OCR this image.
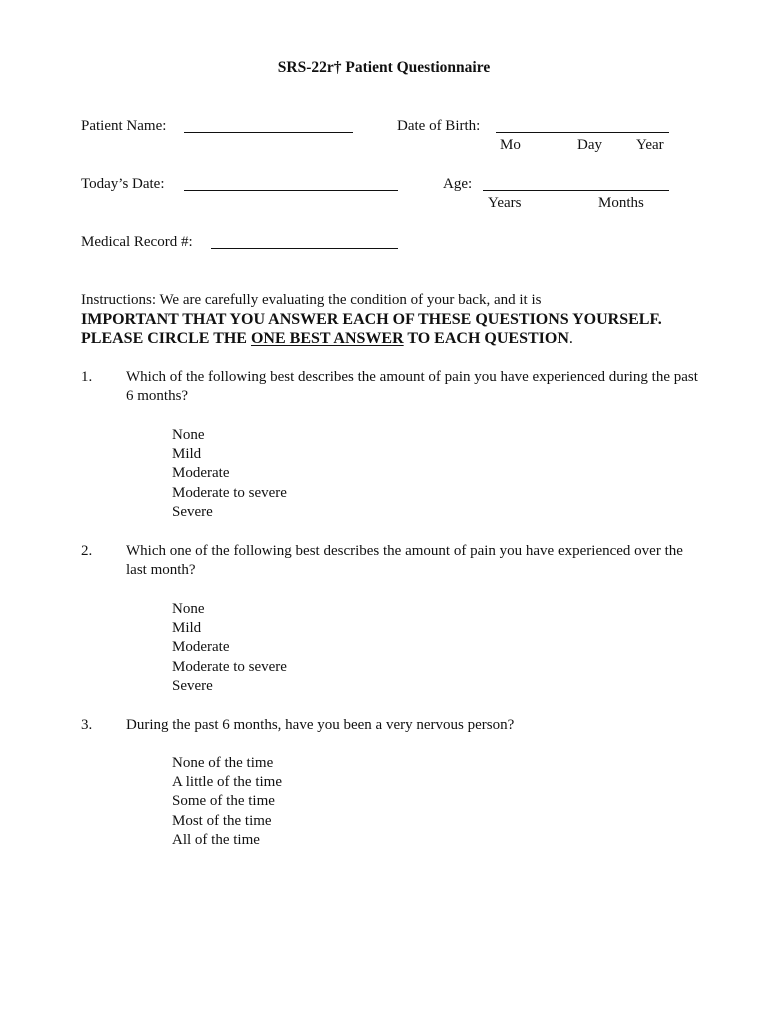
SRS-22r† Patient Questionnaire
Patient Name:	Date of Birth:
Mo	Day Year
Today’s Date:	Age:
Years	Months
Medical Record #:
Instructions: We are carefully evaluating the condition of your back, and it is
IMPORTANT THAT YOU ANSWER EACH OF THESE QUESTIONS YOURSELF.
PLEASE CIRCLE THE ONE BEST ANSWER TO EACH QUESTION.
1. Which of the following best describes the amount of pain you have experienced during the past 6 months?
None
Mild
Moderate
Moderate to severe
Severe
2. Which one of the following best describes the amount of pain you have experienced over the last month?
None
Mild
Moderate
Moderate to severe
Severe
3. During the past 6 months, have you been a very nervous person?
None of the time
A little of the time
Some of the time
Most of the time
All of the time
